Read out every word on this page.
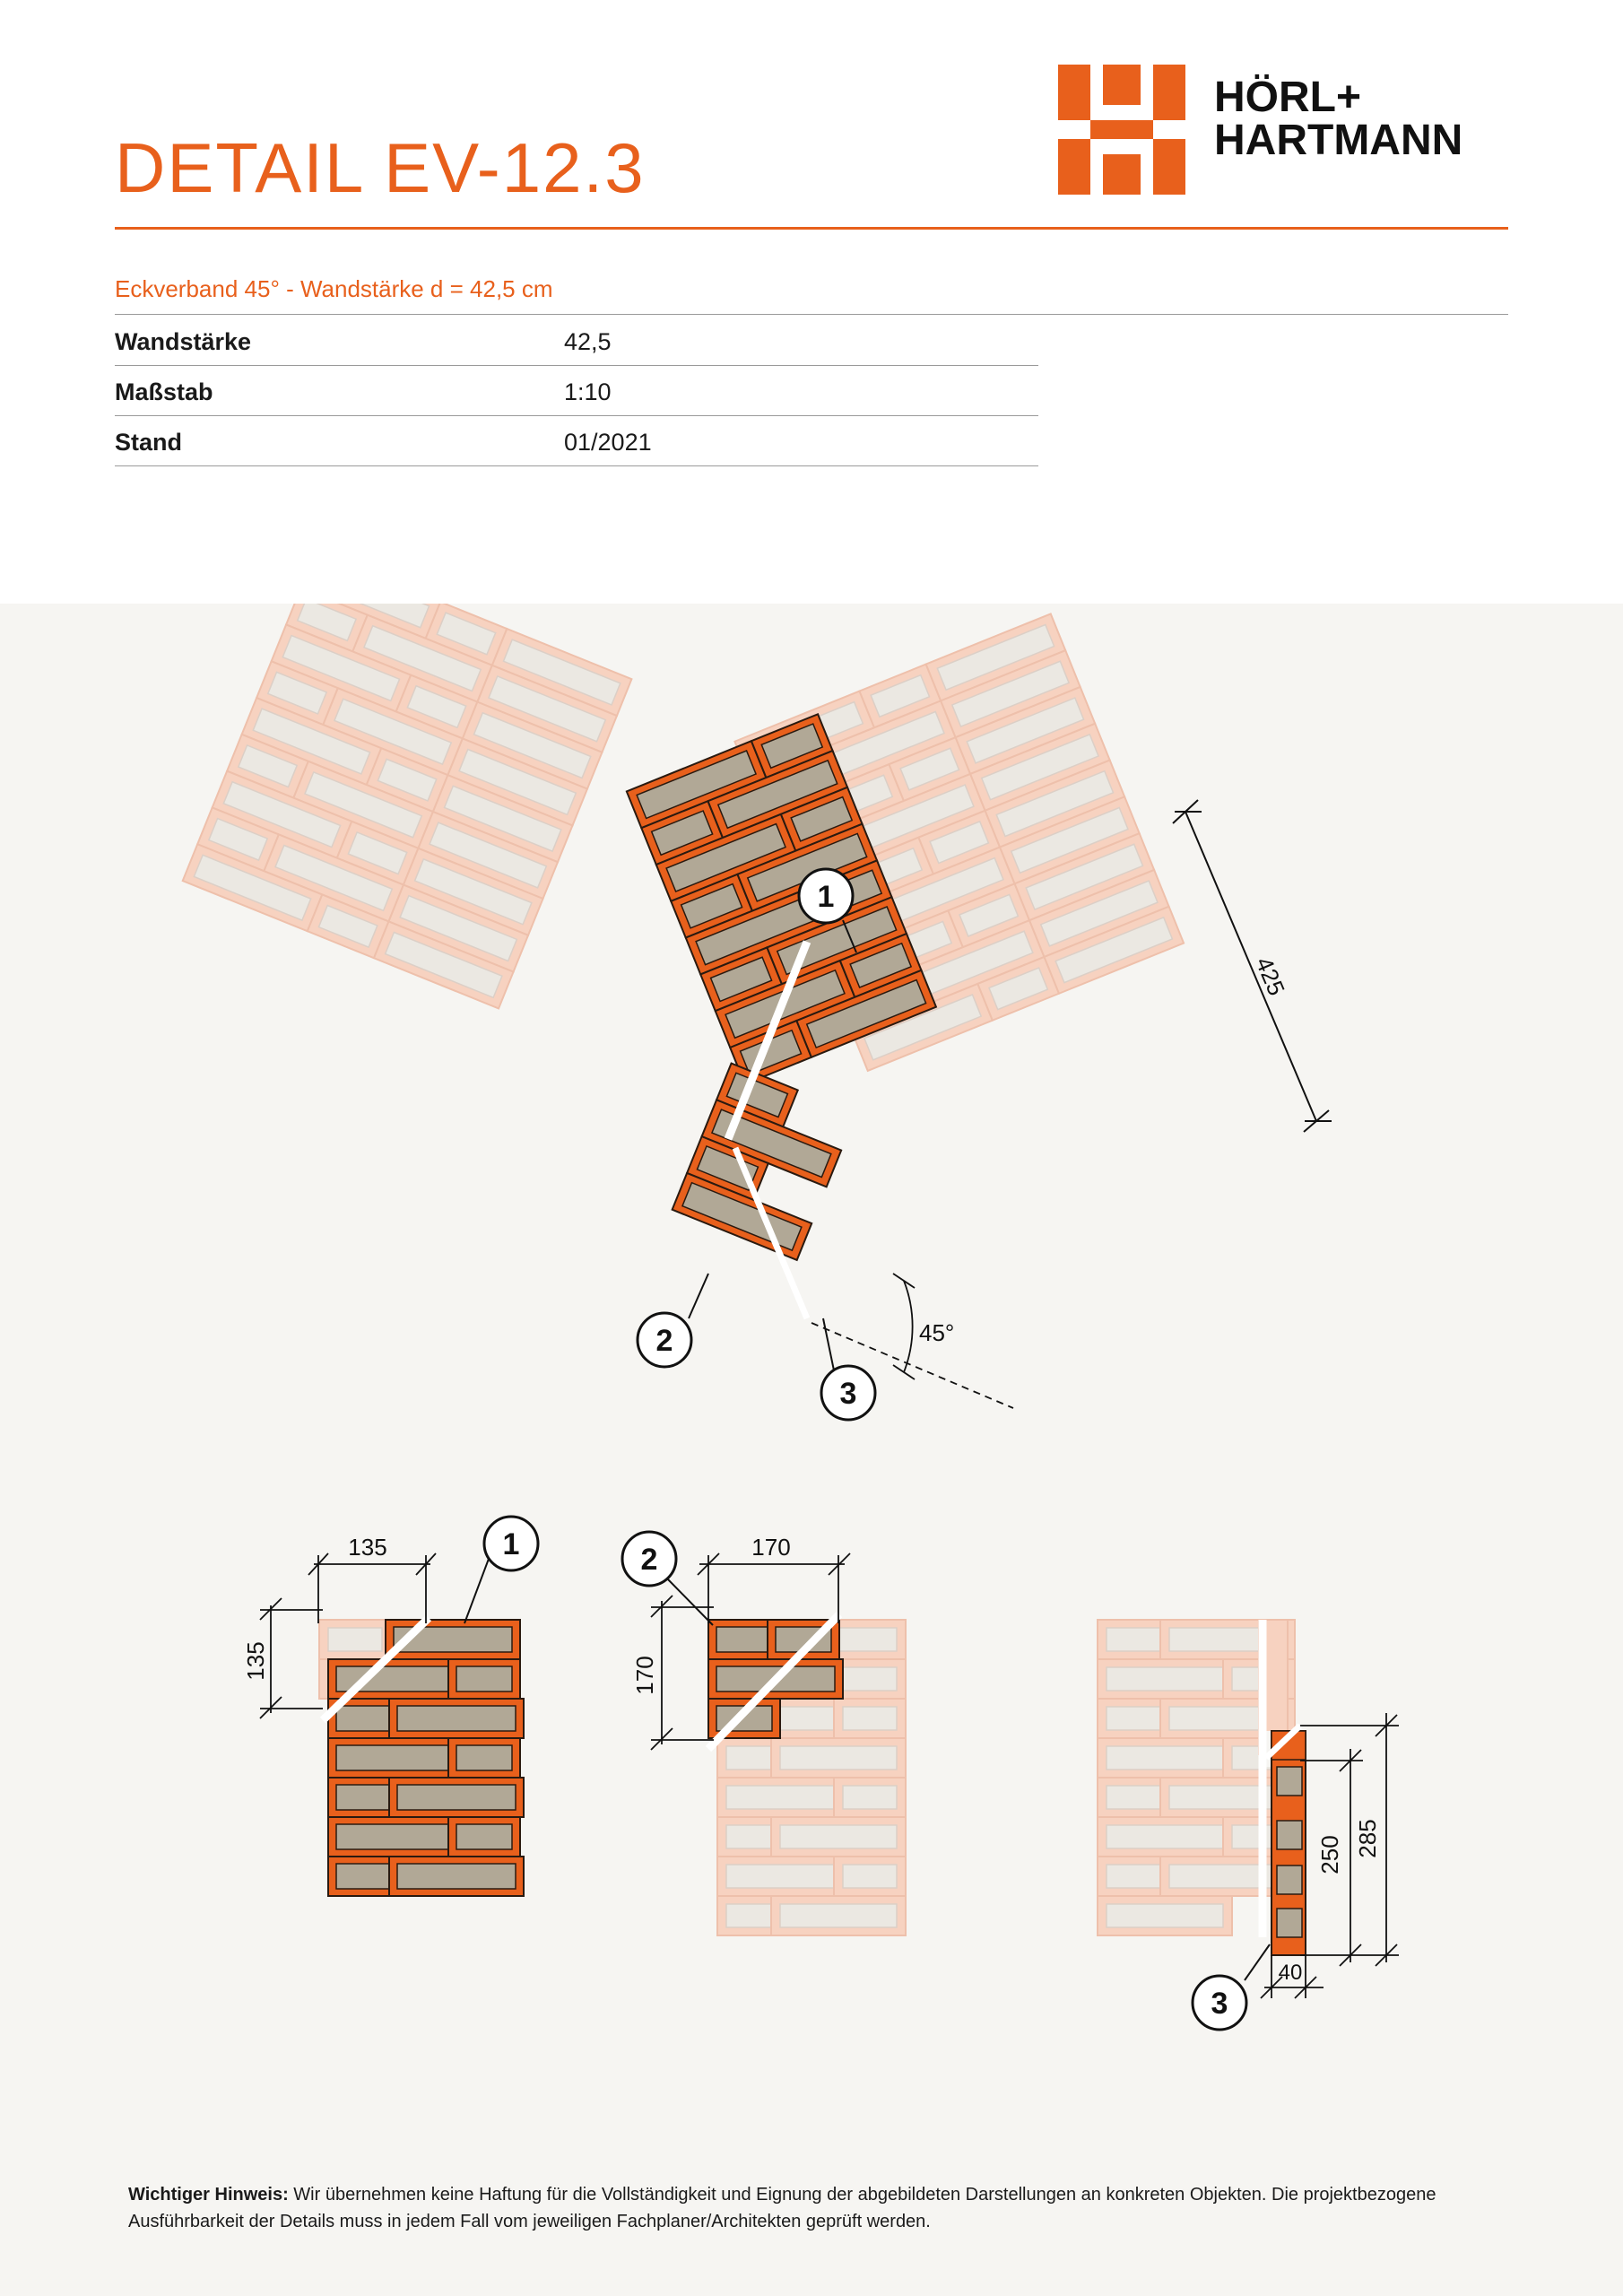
DETAIL EV-12.3
HÖRL+
HARTMANN
Eckverband 45° - Wandstärke d = 42,5 cm
Wandstärke	42,5
Maßstab	1:10
Stand	01/2021
425
45°
1
2
3
135
135
1	170
170
2
250 285
40
3
Wichtiger Hinweis: Wir übernehmen keine Haftung für die Vollständigkeit und Eignung der abgebildeten Darstellungen an konkreten Objekten. Die projektbezogene Ausführbarkeit der Details muss in jedem Fall vom jeweiligen Fachplaner/Architekten geprüft werden.
